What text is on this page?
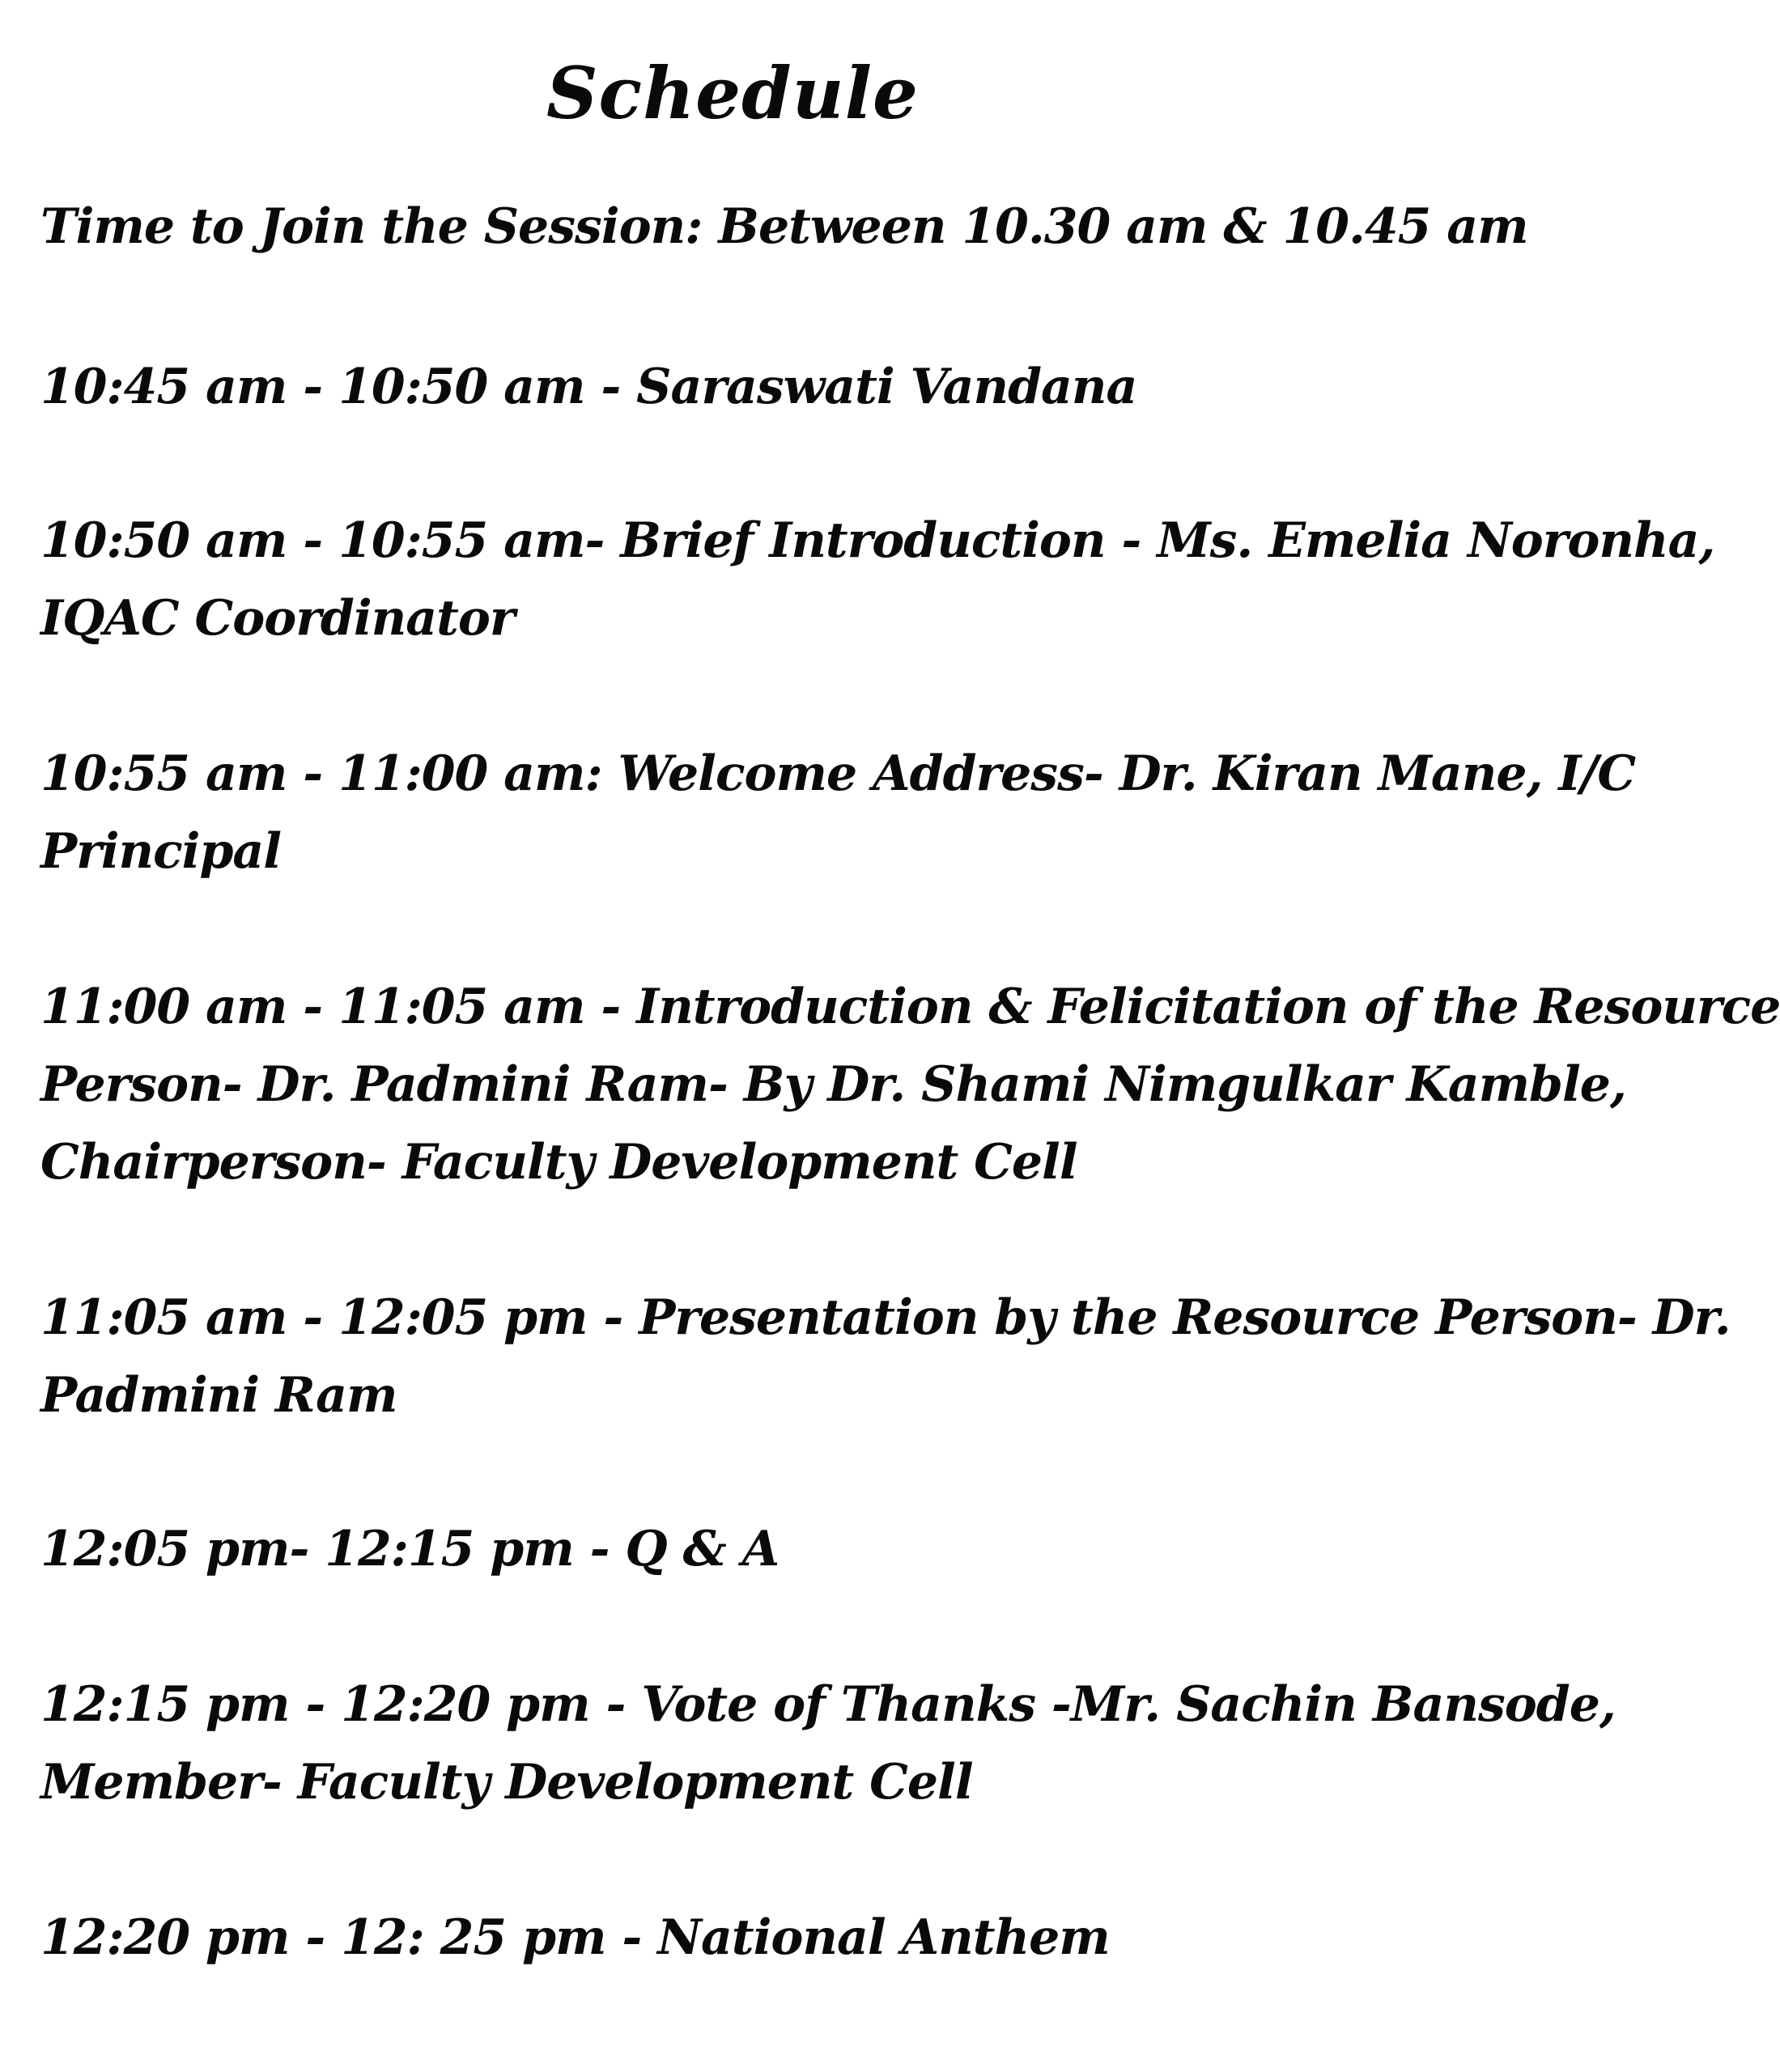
Schedule
Time to Join the Session: Between 10.30 am & 10.45 am
10:45 am - 10:50 am - Saraswati Vandana
10:50 am - 10:55 am- Brief Introduction - Ms. Emelia Noronha,
IQAC Coordinator
10:55 am - 11:00 am: Welcome Address- Dr. Kiran Mane, I/C
Principal
11:00 am - 11:05 am - Introduction & Felicitation of the Resource
Person- Dr. Padmini Ram- By Dr. Shami Nimgulkar Kamble,
Chairperson- Faculty Development Cell
11:05 am - 12:05 pm - Presentation by the Resource Person- Dr.
Padmini Ram
12:05 pm- 12:15 pm - Q & A
12:15 pm - 12:20 pm - Vote of Thanks -Mr. Sachin Bansode,
Member- Faculty Development Cell
12:20 pm - 12: 25 pm - National Anthem
